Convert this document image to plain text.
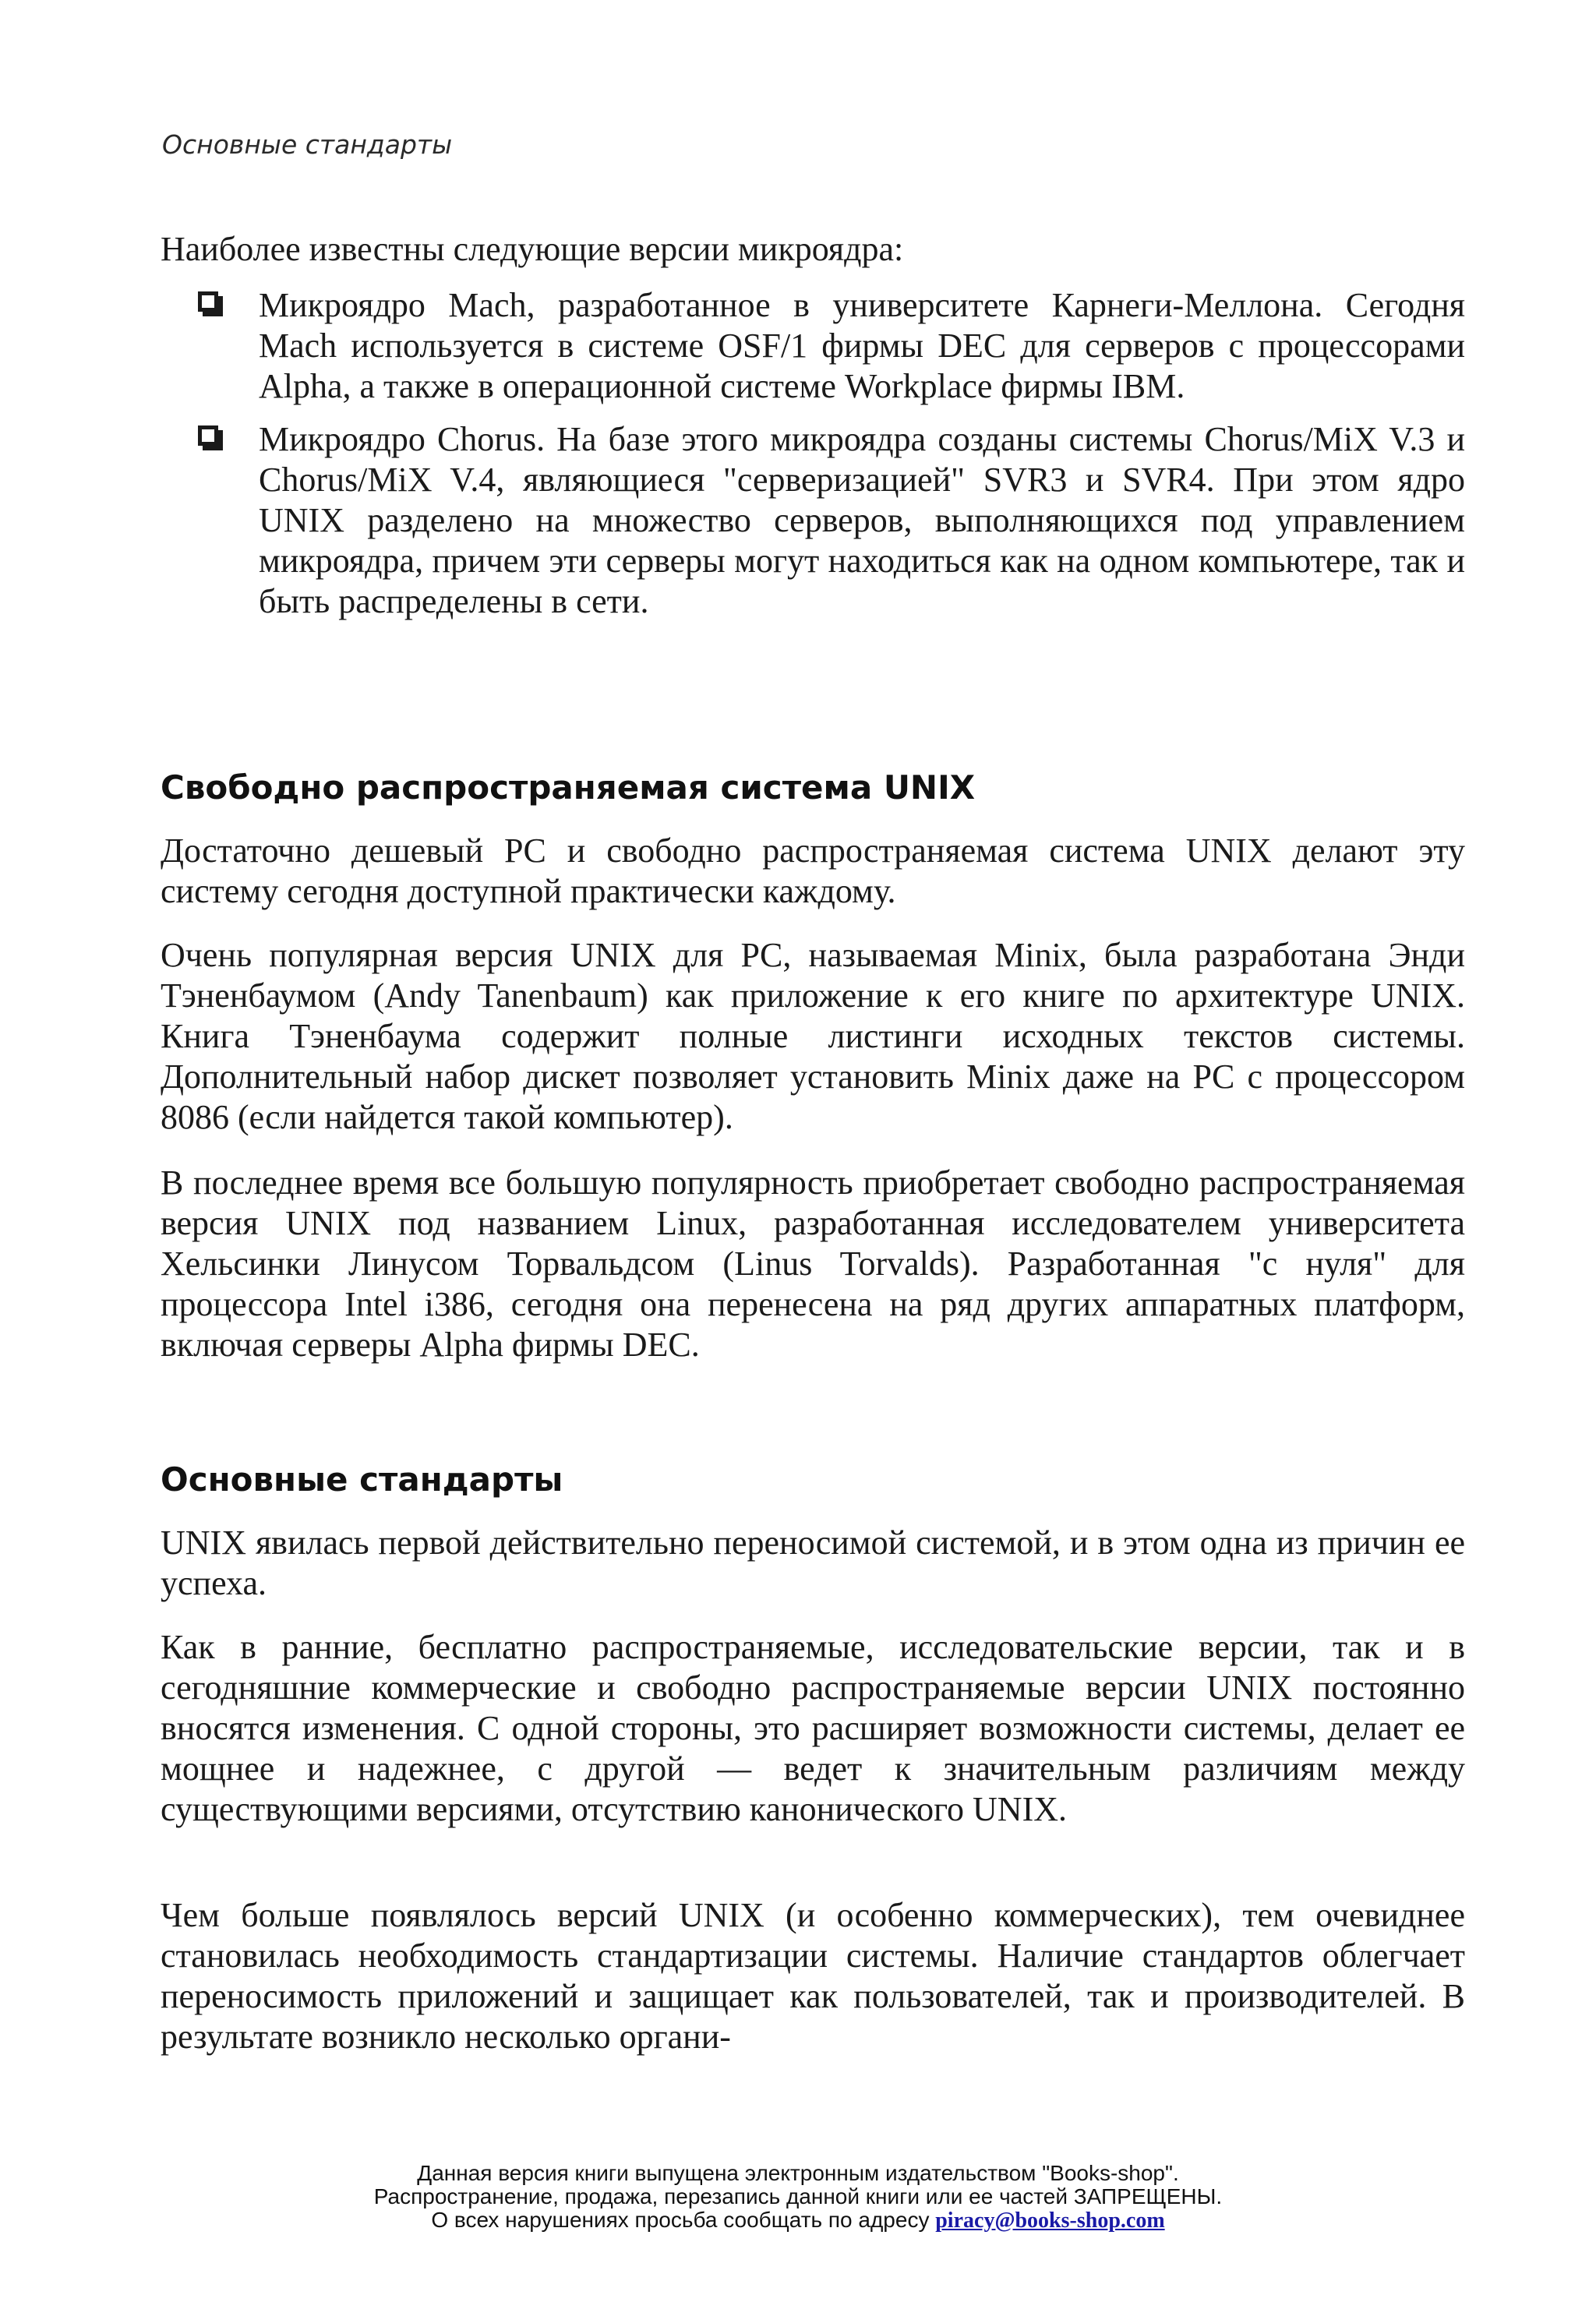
Основные стандарты
Наиболее известны следующие версии микроядра:
Микроядро Mach, разработанное в университете Карнеги-Меллона. Сегодня Mach используется в системе OSF/1 фирмы DEC для серверов с процессорами Alpha, а также в операционной системе Workplace фирмы IBM.
Микроядро Chorus. На базе этого микроядра созданы системы Chorus/MiX V.3 и Chorus/MiX V.4, являющиеся "серверизацией" SVR3 и SVR4. При этом ядро UNIX разделено на множество серверов, выполняющихся под управлением микроядра, причем эти серверы могут находиться как на одном компьютере, так и быть распределены в сети.
Свободно распространяемая система UNIX
Достаточно дешевый PC и свободно распространяемая система UNIX делают эту систему сегодня доступной практически каждому.
Очень популярная версия UNIX для PC, называемая Minix, была разработана Энди Тэненбаумом (Andy Tanenbaum) как приложение к его книге по архитектуре UNIX. Книга Тэненбаума содержит полные листинги исходных текстов системы. Дополнительный набор дискет позволяет установить Minix даже на PC с процессором 8086 (если найдется такой компьютер).
В последнее время все большую популярность приобретает свободно распространяемая версия UNIX под названием Linux, разработанная исследователем университета Хельсинки Линусом Торвальдсом (Linus Torvalds). Разработанная "с нуля" для процессора Intel i386, сегодня она перенесена на ряд других аппаратных платформ, включая серверы Alpha фирмы DEC.
Основные стандарты
UNIX явилась первой действительно переносимой системой, и в этом одна из причин ее успеха.
Как в ранние, бесплатно распространяемые, исследовательские версии, так и в сегодняшние коммерческие и свободно распространяемые версии UNIX постоянно вносятся изменения. С одной стороны, это расширяет возможности системы, делает ее мощнее и надежнее, с другой — ведет к значительным различиям между существующими версиями, отсутствию канонического UNIX.
Чем больше появлялось версий UNIX (и особенно коммерческих), тем очевиднее становилась необходимость стандартизации системы. Наличие стандартов облегчает переносимость приложений и защищает как пользователей, так и производителей. В результате возникло несколько органи-
Данная версия книги выпущена электронным издательством "Books-shop".
Распространение, продажа, перезапись данной книги или ее частей ЗАПРЕЩЕНЫ.
О всех нарушениях просьба сообщать по адресу piracy@books-shop.com
